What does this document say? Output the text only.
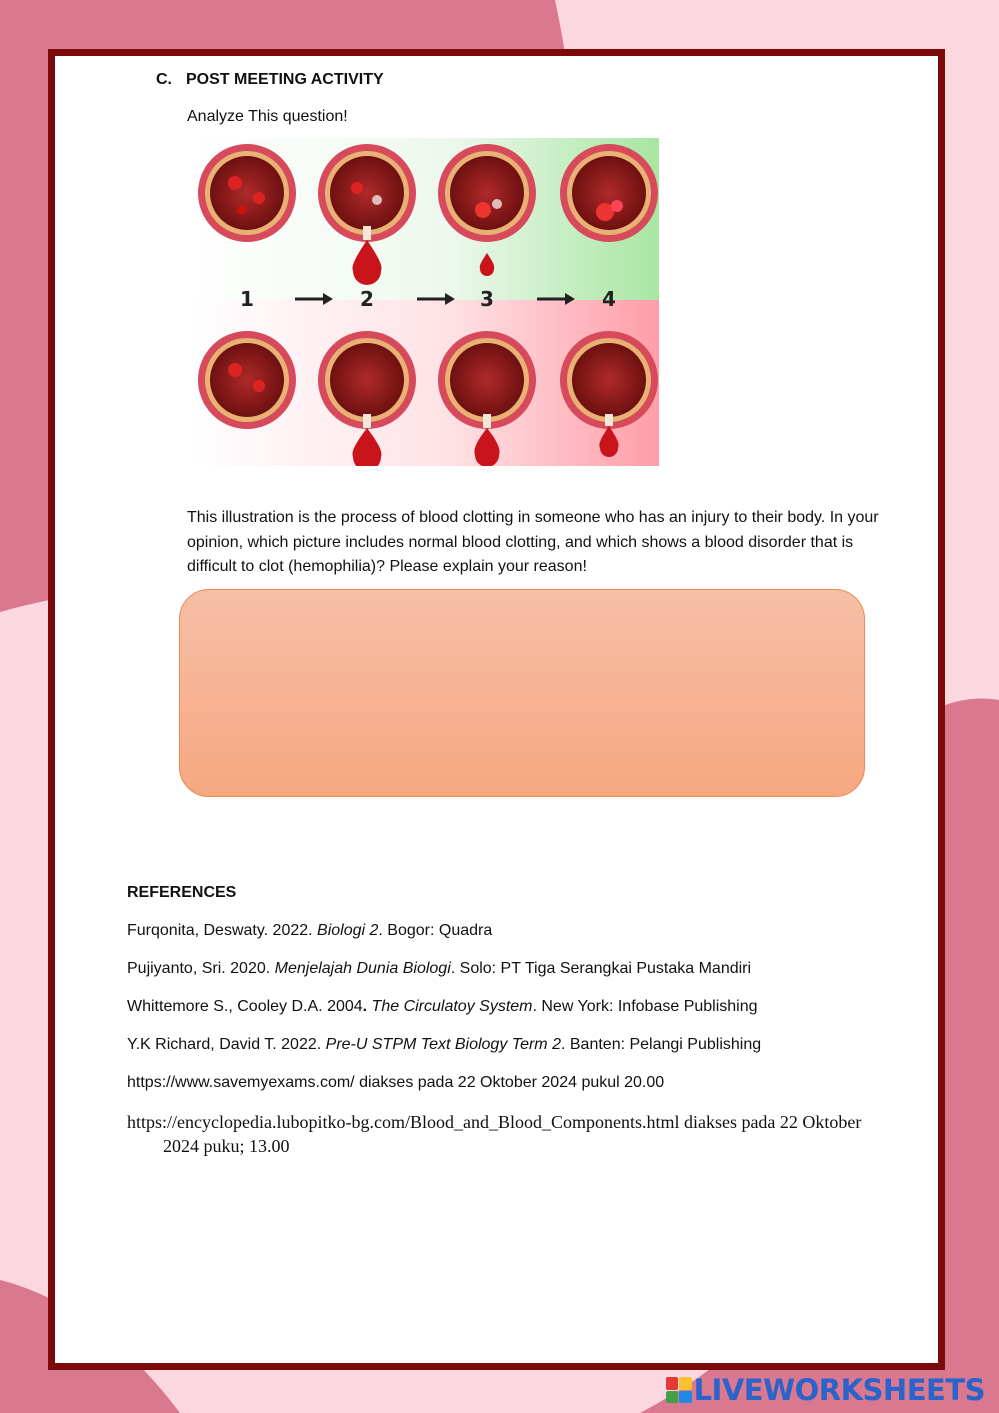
C. POST MEETING ACTIVITY
Analyze This question!
1	2	3	4

This illustration is the process of blood clotting in someone who has an injury to their body. In your opinion, which picture includes normal blood clotting, and which shows a blood disorder that is difficult to clot (hemophilia)? Please explain your reason!

REFERENCES
Furqonita, Deswaty. 2022. Biologi 2. Bogor: Quadra
Pujiyanto, Sri. 2020. Menjelajah Dunia Biologi. Solo: PT Tiga Serangkai Pustaka Mandiri
Whittemore S., Cooley D.A. 2004. The Circulatoy System. New York: Infobase Publishing
Y.K Richard, David T. 2022. Pre-U STPM Text Biology Term 2. Banten: Pelangi Publishing
https://www.savemyexams.com/ diakses pada 22 Oktober 2024 pukul 20.00
https://encyclopedia.lubopitko-bg.com/Blood_and_Blood_Components.html diakses pada 22 Oktober 2024 puku; 13.00
LIVEWORKSHEETS
